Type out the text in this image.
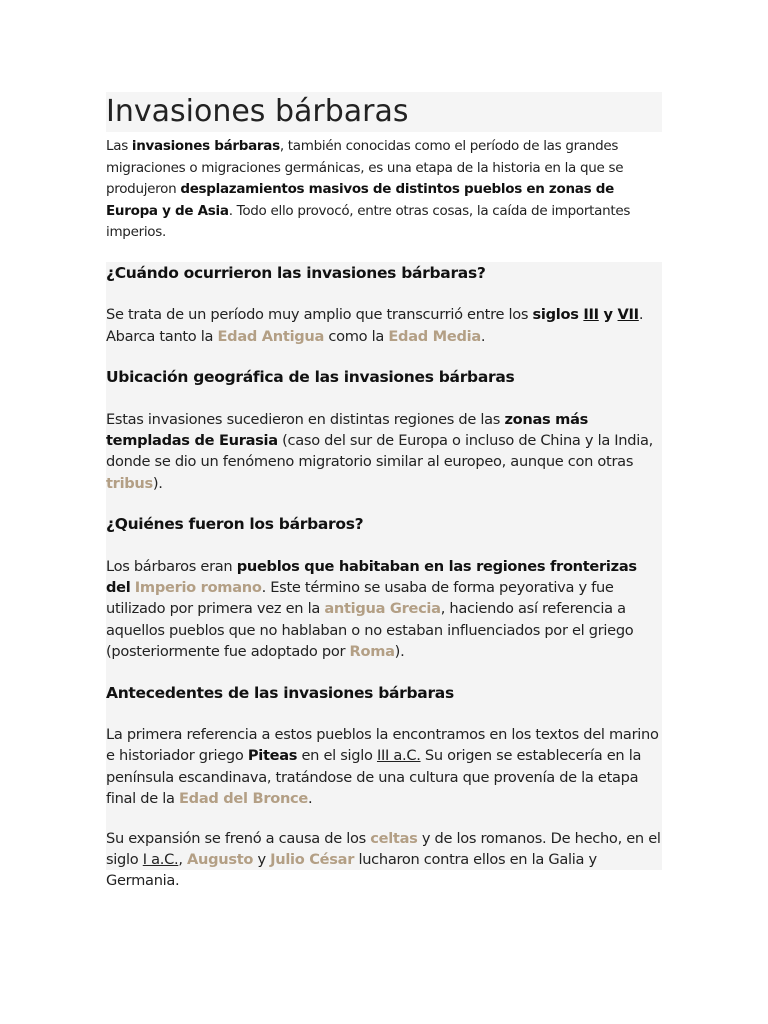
Invasiones bárbaras

Las invasiones bárbaras, también conocidas como el período de las grandes migraciones o migraciones germánicas, es una etapa de la historia en la que se produjeron desplazamientos masivos de distintos pueblos en zonas de Europa y de Asia. Todo ello provocó, entre otras cosas, la caída de importantes imperios.

¿Cuándo ocurrieron las invasiones bárbaras?

Se trata de un período muy amplio que transcurrió entre los siglos III y VII. Abarca tanto la Edad Antigua como la Edad Media.

Ubicación geográfica de las invasiones bárbaras

Estas invasiones sucedieron en distintas regiones de las zonas más templadas de Eurasia (caso del sur de Europa o incluso de China y la India, donde se dio un fenómeno migratorio similar al europeo, aunque con otras tribus).

¿Quiénes fueron los bárbaros?

Los bárbaros eran pueblos que habitaban en las regiones fronterizas del Imperio romano. Este término se usaba de forma peyorativa y fue utilizado por primera vez en la antigua Grecia, haciendo así referencia a aquellos pueblos que no hablaban o no estaban influenciados por el griego (posteriormente fue adoptado por Roma).

Antecedentes de las invasiones bárbaras

La primera referencia a estos pueblos la encontramos en los textos del marino e historiador griego Piteas en el siglo III a.C. Su origen se establecería en la península escandinava, tratándose de una cultura que provenía de la etapa final de la Edad del Bronce.

Su expansión se frenó a causa de los celtas y de los romanos. De hecho, en el siglo I a.C., Augusto y Julio César lucharon contra ellos en la Galia y Germania.
